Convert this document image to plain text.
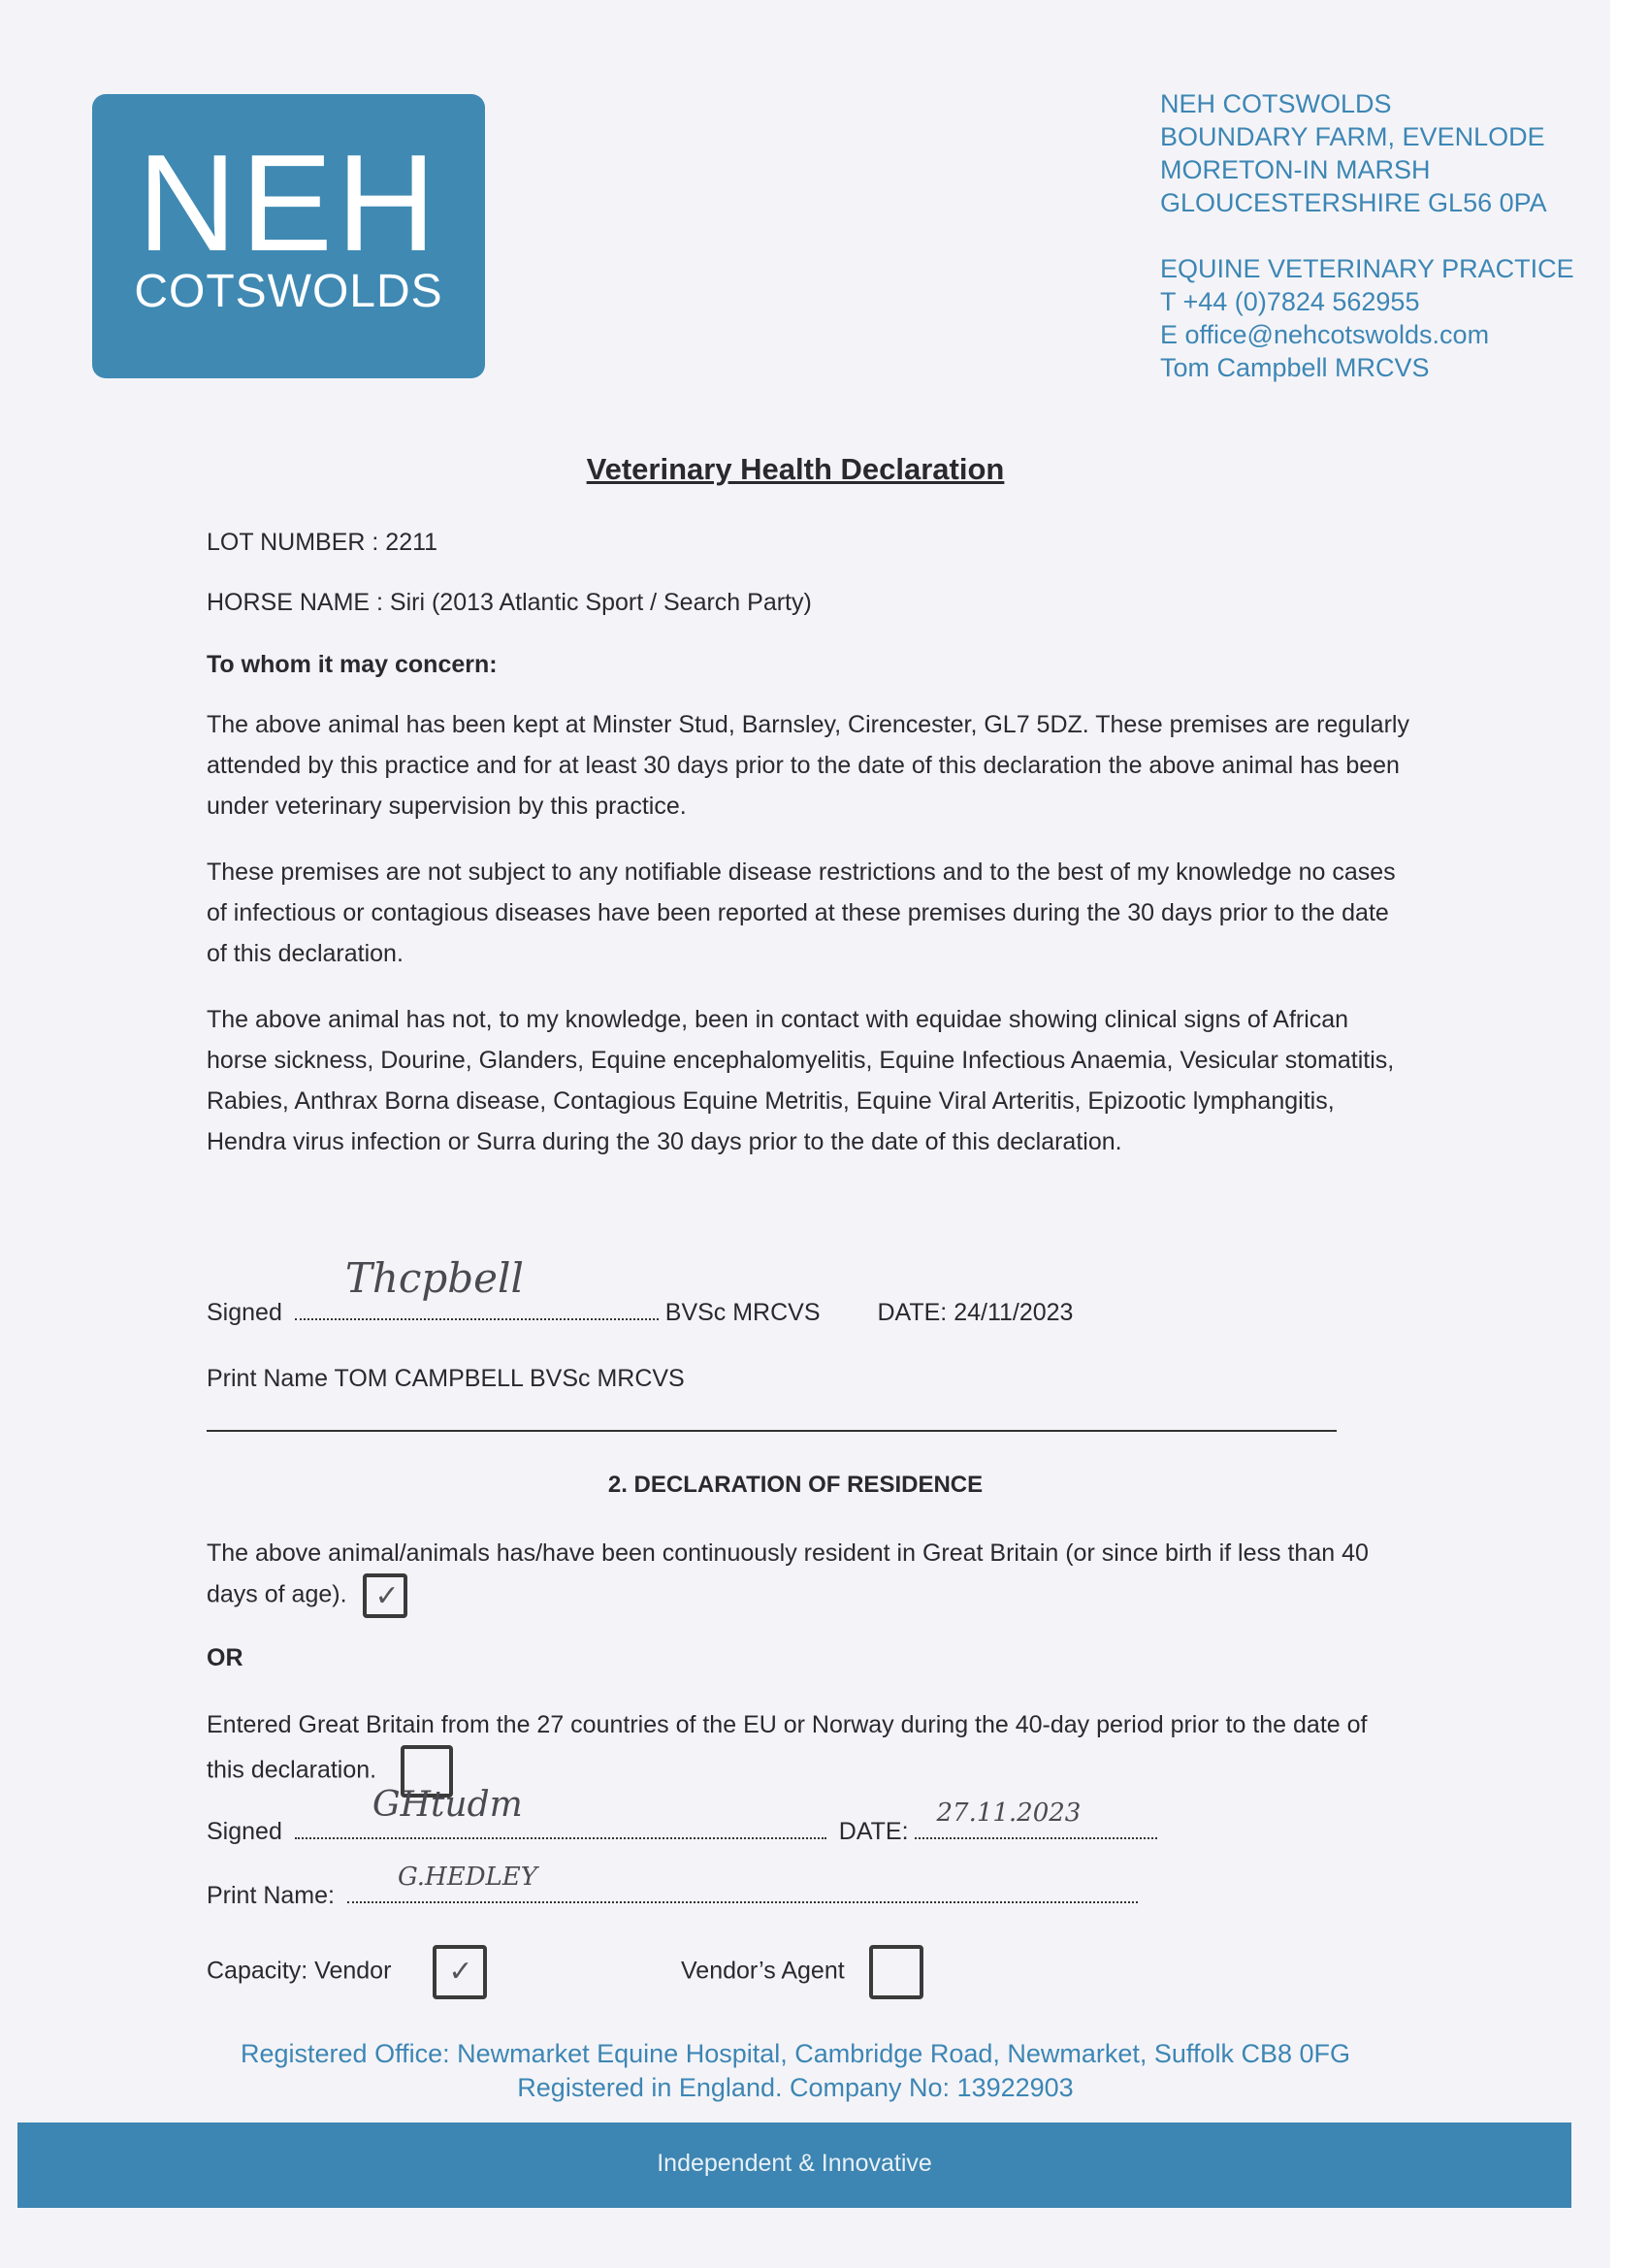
NEH
COTSWOLDS
NEH COTSWOLDS
BOUNDARY FARM, EVENLODE
MORETON-IN MARSH
GLOUCESTERSHIRE GL56 0PA
EQUINE VETERINARY PRACTICE
T +44 (0)7824 562955
E office@nehcotswolds.com
Tom Campbell MRCVS
Veterinary Health Declaration
LOT NUMBER : 2211
HORSE NAME : Siri (2013 Atlantic Sport / Search Party)
To whom it may concern:
The above animal has been kept at Minster Stud, Barnsley, Cirencester, GL7 5DZ. These premises are regularly attended by this practice and for at least 30 days prior to the date of this declaration the above animal has been under veterinary supervision by this practice.
These premises are not subject to any notifiable disease restrictions and to the best of my knowledge no cases of infectious or contagious diseases have been reported at these premises during the 30 days prior to the date of this declaration.
The above animal has not, to my knowledge, been in contact with equidae showing clinical signs of African horse sickness, Dourine, Glanders, Equine encephalomyelitis, Equine Infectious Anaemia, Vesicular stomatitis, Rabies, Anthrax Borna disease, Contagious Equine Metritis, Equine Viral Arteritis, Epizootic lymphangitis, Hendra virus infection or Surra during the 30 days prior to the date of this declaration.
Signed
Thcpbell
BVSc MRCVS DATE: 24/11/2023
Print Name TOM CAMPBELL BVSc MRCVS
2. DECLARATION OF RESIDENCE
The above animal/animals has/have been continuously resident in Great Britain (or since birth if less than 40 days of age). ✓
OR
Entered Great Britain from the 27 countries of the EU or Norway during the 40-day period prior to the date of this declaration.
Signed
GHtudm
DATE:
27.11.2023
Print Name:
G.HEDLEY
Capacity: Vendor ✓	Vendor’s Agent
Registered Office: Newmarket Equine Hospital, Cambridge Road, Newmarket, Suffolk CB8 0FG
Registered in England. Company No: 13922903
Independent & Innovative
